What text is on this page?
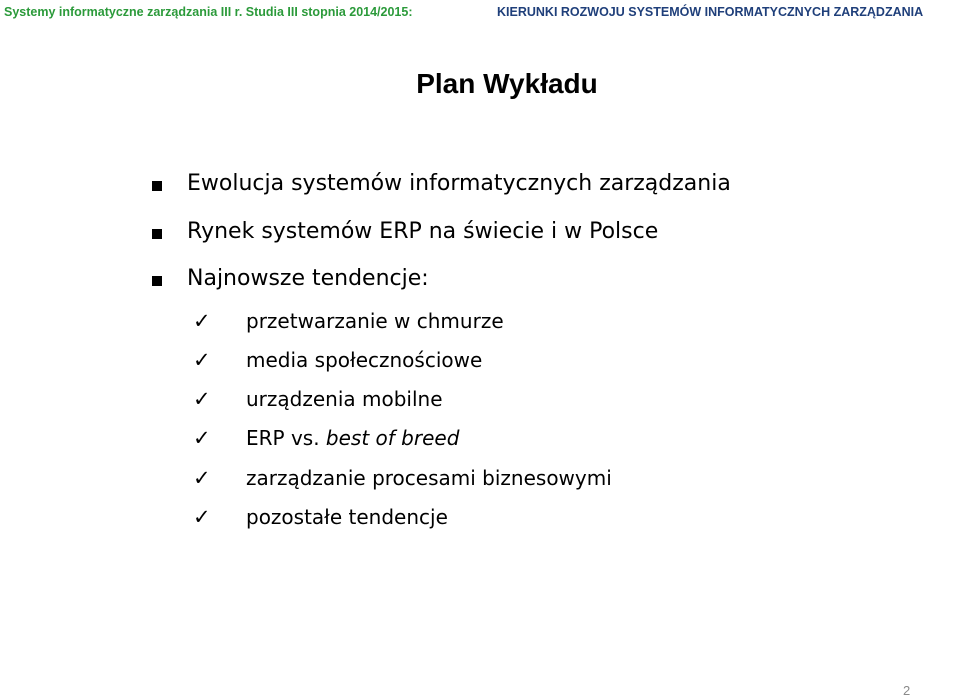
Systemy informatyczne zarządzania III r. Studia III stopnia 2014/2015:	KIERUNKI ROZWOJU SYSTEMÓW INFORMATYCZNYCH ZARZĄDZANIA
Plan Wykładu
Ewolucja systemów informatycznych zarządzania
Rynek systemów ERP na świecie i w Polsce
Najnowsze tendencje:
✓ przetwarzanie w chmurze
✓ media społecznościowe
✓ urządzenia mobilne
✓ ERP vs. best of breed
✓ zarządzanie procesami biznesowymi
✓ pozostałe tendencje
2
